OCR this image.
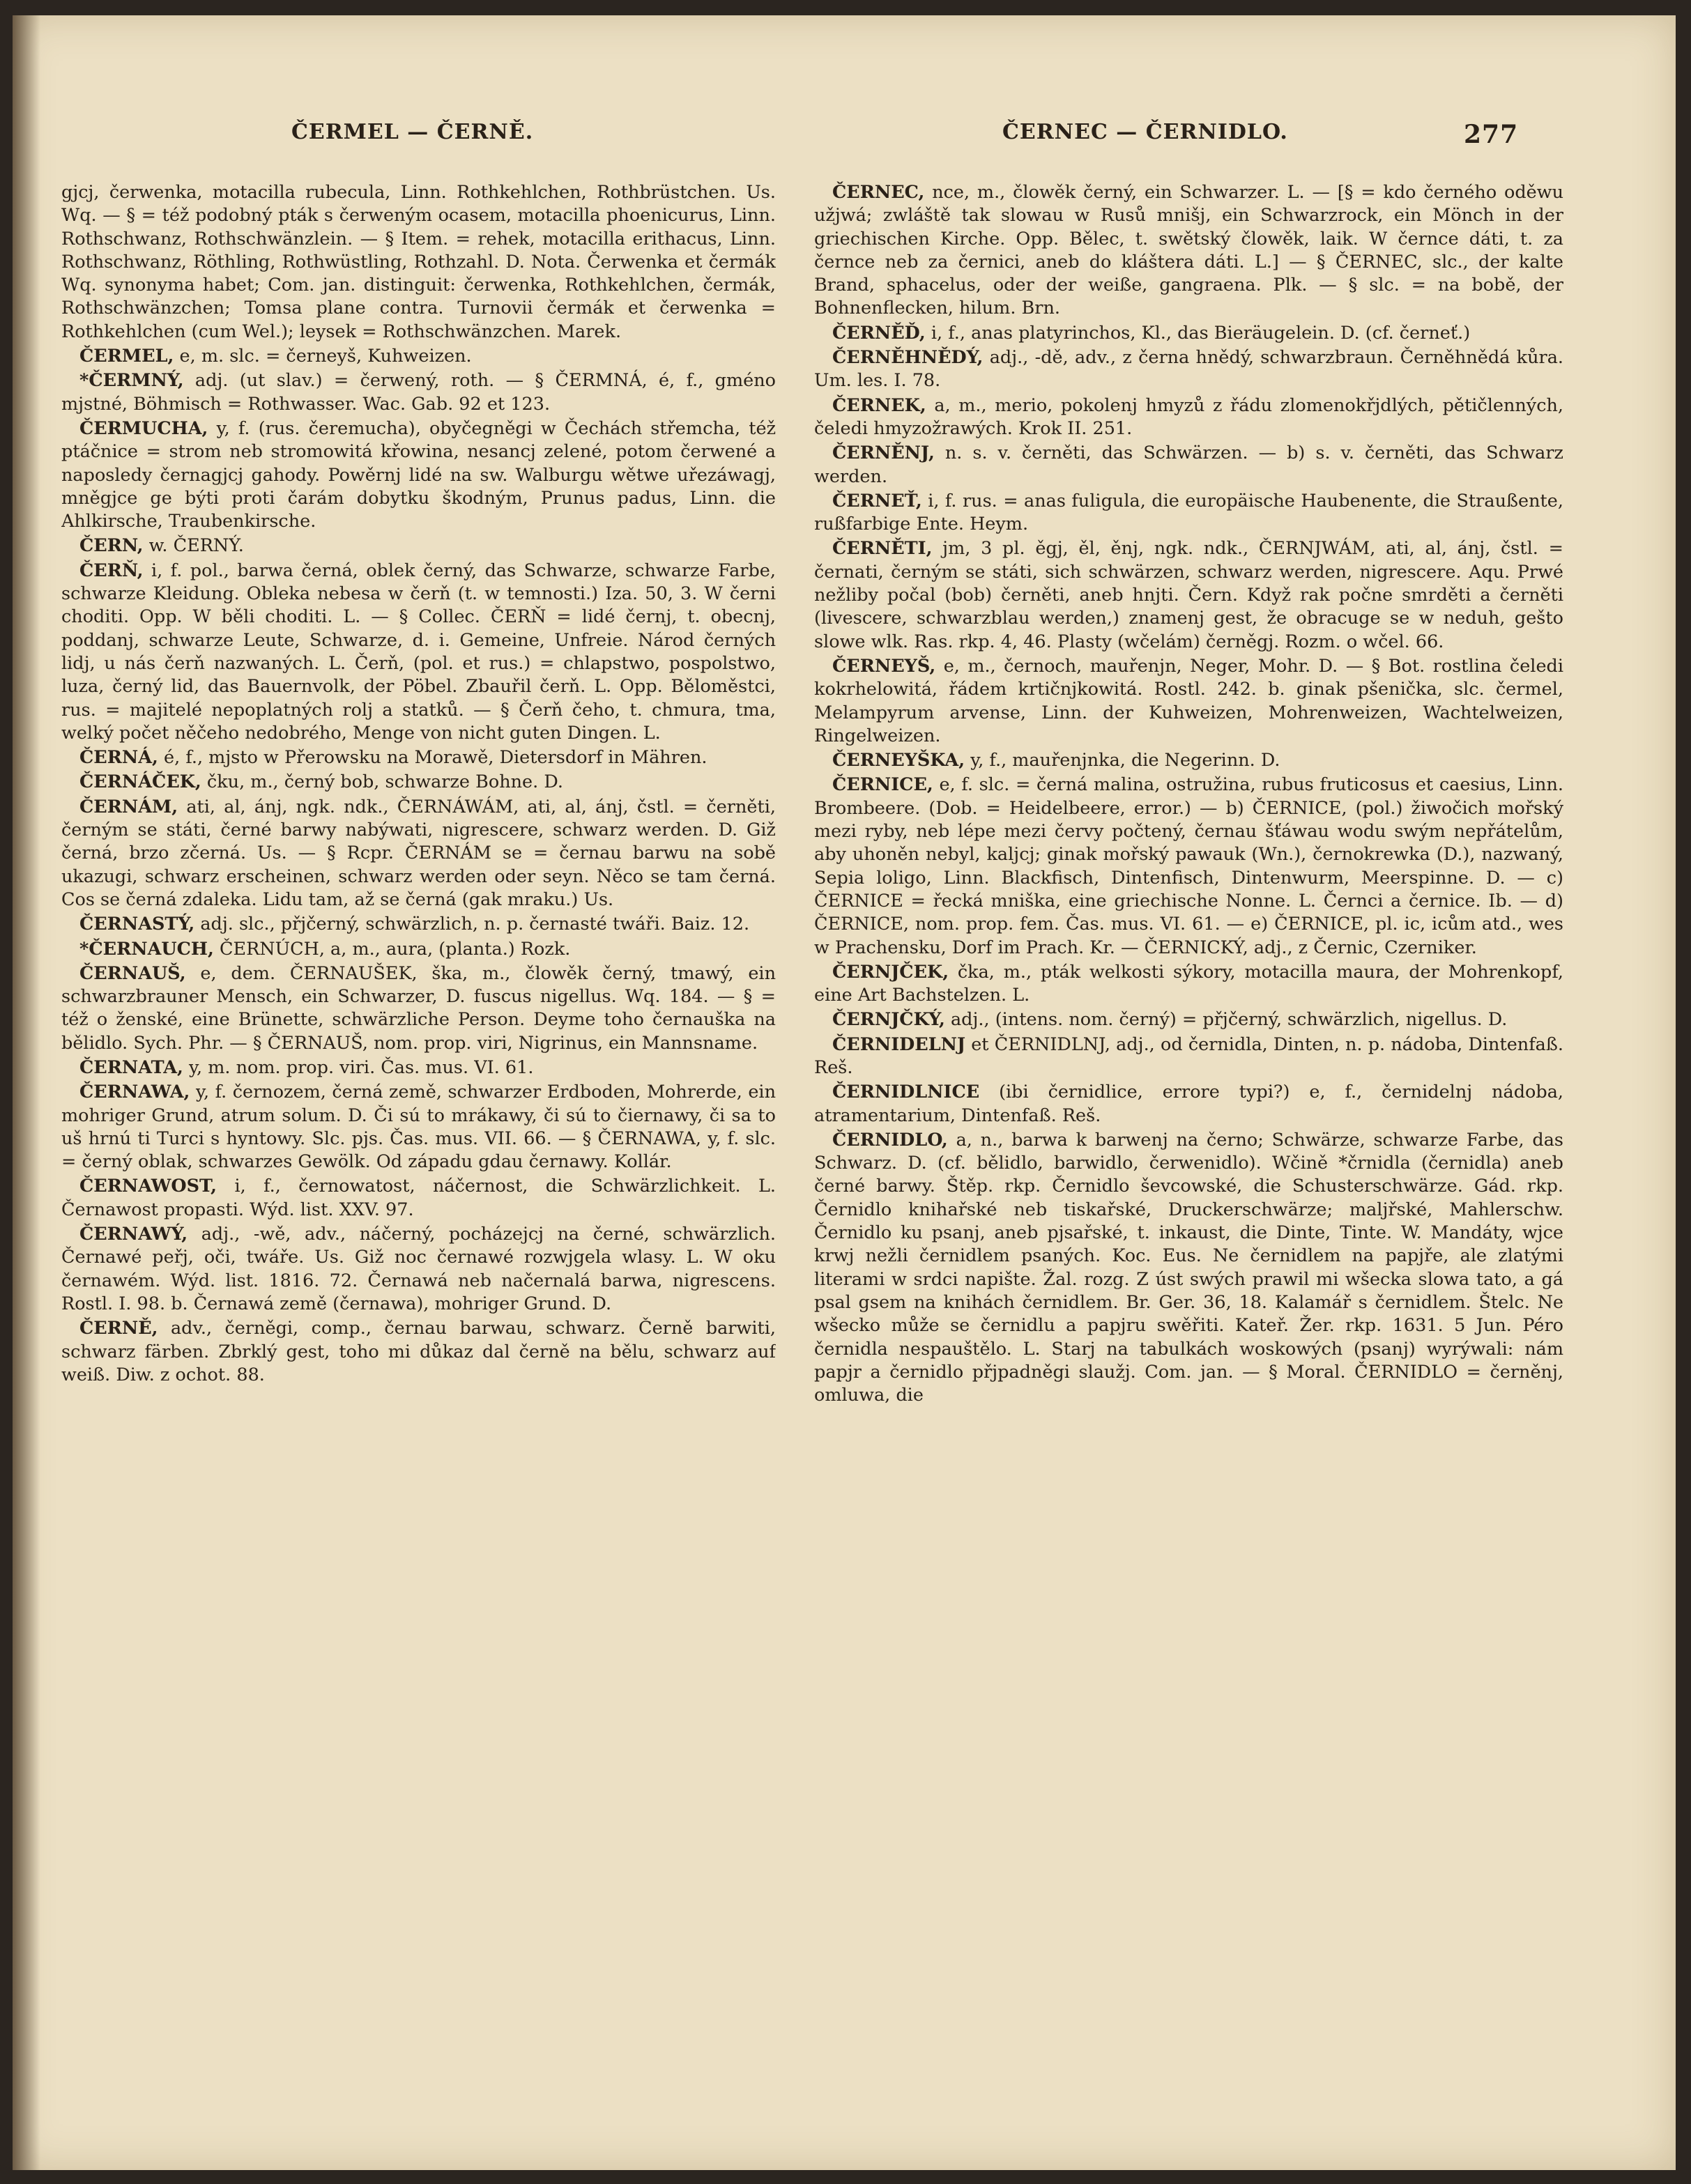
ČERMEL — ČERNĚ.	ČERNEC — ČERNIDLO.	277

gjcj, čerwenka, motacilla rubecula, Linn. Rothkehlchen, Rothbrüstchen. Us. Wq. — § = též podobný pták s čerweným ocasem, motacilla phoenicurus, Linn. Rothschwanz, Rothschwänzlein. — § Item. = rehek, motacilla erithacus, Linn. Rothschwanz, Röthling, Rothwüstling, Rothzahl. D. Nota. Čerwenka et čermák Wq. synonyma habet; Com. jan. distinguit: čerwenka, Rothkehlchen, čermák, Rothschwänzchen; Tomsa plane contra. Turnovii čermák et čerwenka = Rothkehlchen (cum Wel.); leysek = Rothschwänzchen. Marek.

ČERMEL, e, m. slc. = černeyš, Kuhweizen.

*ČERMNÝ, adj. (ut slav.) = čerwený, roth. — § ČERMNÁ, é, f., gméno mjstné, Böhmisch = Rothwasser. Wac. Gab. 92 et 123.

ČERMUCHA, y, f. (rus. čeremucha), obyčegněgi w Čechách střemcha, též ptáčnice = strom neb stromowitá křowina, nesancj zelené, potom čerwené a naposledy černagjcj gahody. Powěrnj lidé na sw. Walburgu wětwe uřezáwagj, mněgjce ge býti proti čarám dobytku škodným, Prunus padus, Linn. die Ahlkirsche, Traubenkirsche.

ČERN, w. ČERNÝ.

ČERŇ, i, f. pol., barwa černá, oblek černý, das Schwarze, schwarze Farbe, schwarze Kleidung. Obleka nebesa w čerň (t. w temnosti.) Iza. 50, 3. W černi choditi. Opp. W běli choditi. L. — § Collec. ČERŇ = lidé černj, t. obecnj, poddanj, schwarze Leute, Schwarze, d. i. Gemeine, Unfreie. Národ černých lidj, u nás čerň nazwaných. L. Čerň, (pol. et rus.) = chlapstwo, pospolstwo, luza, černý lid, das Bauernvolk, der Pöbel. Zbauřil čerň. L. Opp. Běloměstci, rus. = majitelé nepoplatných rolj a statků. — § Čerň čeho, t. chmura, tma, welký počet něčeho nedobrého, Menge von nicht guten Dingen. L.

ČERNÁ, é, f., mjsto w Přerowsku na Morawě, Dietersdorf in Mähren.

ČERNÁČEK, čku, m., černý bob, schwarze Bohne. D.

ČERNÁM, ati, al, ánj, ngk. ndk., ČERNÁWÁM, ati, al, ánj, čstl. = černěti, černým se státi, černé barwy nabýwati, nigrescere, schwarz werden. D. Giž černá, brzo zčerná. Us. — § Rcpr. ČERNÁM se = černau barwu na sobě ukazugi, schwarz erscheinen, schwarz werden oder seyn. Něco se tam černá. Cos se černá zdaleka. Lidu tam, až se černá (gak mraku.) Us.

ČERNASTÝ, adj. slc., přjčerný, schwärzlich, n. p. černasté twáři. Baiz. 12.

*ČERNAUCH, ČERNÚCH, a, m., aura, (planta.) Rozk.

ČERNAUŠ, e, dem. ČERNAUŠEK, ška, m., člowěk černý, tmawý, ein schwarzbrauner Mensch, ein Schwarzer, D. fuscus nigellus. Wq. 184. — § = též o ženské, eine Brünette, schwärzliche Person. Deyme toho černauška na bělidlo. Sych. Phr. — § ČERNAUŠ, nom. prop. viri, Nigrinus, ein Mannsname.

ČERNATA, y, m. nom. prop. viri. Čas. mus. VI. 61.

ČERNAWA, y, f. černozem, černá země, schwarzer Erdboden, Mohrerde, ein mohriger Grund, atrum solum. D. Či sú to mrákawy, či sú to čiernawy, či sa to uš hrnú ti Turci s hyntowy. Slc. pjs. Čas. mus. VII. 66. — § ČERNAWA, y, f. slc. = černý oblak, schwarzes Gewölk. Od západu gdau černawy. Kollár.

ČERNAWOST, i, f., černowatost, náčernost, die Schwärzlichkeit. L. Černawost propasti. Wýd. list. XXV. 97.

ČERNAWÝ, adj., -wě, adv., náčerný, pocházejcj na černé, schwärzlich. Černawé peřj, oči, twáře. Us. Giž noc černawé rozwjgela wlasy. L. W oku černawém. Wýd. list. 1816. 72. Černawá neb načernalá barwa, nigrescens. Rostl. I. 98. b. Černawá země (černawa), mohriger Grund. D.

ČERNĚ, adv., černěgi, comp., černau barwau, schwarz. Černě barwiti, schwarz färben. Zbrklý gest, toho mi důkaz dal černě na bělu, schwarz auf weiß. Diw. z ochot. 88.

ČERNEC, nce, m., člowěk černý, ein Schwarzer. L. — [§ = kdo černého oděwu užjwá; zwláště tak slowau w Rusů mnišj, ein Schwarzrock, ein Mönch in der griechischen Kirche. Opp. Bělec, t. swětský člowěk, laik. W černce dáti, t. za černce neb za černici, aneb do kláštera dáti. L.] — § ČERNEC, slc., der kalte Brand, sphacelus, oder der weiße, gangraena. Plk. — § slc. = na bobě, der Bohnenflecken, hilum. Brn.

ČERNĚĎ, i, f., anas platyrinchos, Kl., das Bieräugelein. D. (cf. černeť.)

ČERNĚHNĚDÝ, adj., -dě, adv., z černa hnědý, schwarzbraun. Černěhnědá kůra. Um. les. I. 78.

ČERNEK, a, m., merio, pokolenj hmyzů z řádu zlomenokřjdlých, pětičlenných, čeledi hmyzožrawých. Krok II. 251.

ČERNĚNJ, n. s. v. černěti, das Schwärzen. — b) s. v. černěti, das Schwarz werden.

ČERNEŤ, i, f. rus. = anas fuligula, die europäische Haubenente, die Straußente, rußfarbige Ente. Heym.

ČERNĚTI, jm, 3 pl. ěgj, ěl, ěnj, ngk. ndk., ČERNJWÁM, ati, al, ánj, čstl. = černati, černým se státi, sich schwärzen, schwarz werden, nigrescere. Aqu. Prwé nežliby počal (bob) černěti, aneb hnjti. Čern. Když rak počne smrděti a černěti (livescere, schwarzblau werden,) znamenj gest, že obracugе se w neduh, gešto slowe wlk. Ras. rkp. 4, 46. Plasty (wčelám) černěgj. Rozm. o wčel. 66.

ČERNEYŠ, e, m., černoch, mauřenjn, Neger, Mohr. D. — § Bot. rostlina čeledi kokrhelowitá, řádem krtičnjkowitá. Rostl. 242. b. ginak pšenička, slc. čermel, Melampyrum arvense, Linn. der Kuhweizen, Mohrenweizen, Wachtelweizen, Ringelweizen.

ČERNEYŠKA, y, f., mauřenjnka, die Negerinn. D.

ČERNICE, e, f. slc. = černá malina, ostružina, rubus fruticosus et caesius, Linn. Brombeere. (Dob. = Heidelbeere, error.) — b) ČERNICE, (pol.) žiwočich mořský mezi ryby, neb lépe mezi červy počtený, černau šťáwau wodu swým nepřátelům, aby uhoněn nebyl, kaljcj; ginak mořský pawauk (Wn.), černokrewka (D.), nazwaný, Sepia loligo, Linn. Blackfisch, Dintenfisch, Dintenwurm, Meerspinne. D. — c) ČERNICE = řecká mniška, eine griechische Nonne. L. Černci a černice. Ib. — d) ČERNICE, nom. prop. fem. Čas. mus. VI. 61. — e) ČERNICE, pl. ic, icům atd., wes w Prachensku, Dorf im Prach. Kr. — ČERNICKÝ, adj., z Černic, Czerniker.

ČERNJČEK, čka, m., pták welkosti sýkory, motacilla maura, der Mohrenkopf, eine Art Bachstelzen. L.

ČERNJČKÝ, adj., (intens. nom. černý) = přjčerný, schwärzlich, nigellus. D.

ČERNIDELNJ et ČERNIDLNJ, adj., od černidla, Dinten, n. p. nádoba, Dintenfaß. Reš.

ČERNIDLNICE (ibi černidlice, errore typi?) e, f., černidelnj nádoba, atramentarium, Dintenfaß. Reš.

ČERNIDLO, a, n., barwa k barwenj na černo; Schwärze, schwarze Farbe, das Schwarz. D. (cf. bělidlo, barwidlo, čerwenidlo). Wčině *črnidla (černidla) aneb černé barwy. Štěp. rkp. Černidlo ševcowské, die Schusterschwärze. Gád. rkp. Černidlo knihařské neb tiskařské, Druckerschwärze; maljřské, Mahlerschw. Černidlo ku psanj, aneb pjsařské, t. inkaust, die Dinte, Tinte. W. Mandáty, wjce krwj nežli černidlem psaných. Koc. Eus. Ne černidlem na papjře, ale zlatými literami w srdci napište. Žal. rozg. Z úst swých prawil mi wšecka slowa tato, a gá psal gsem na knihách černidlem. Br. Ger. 36, 18. Kalamář s černidlem. Štelc. Ne wšecko může se černidlu a papjru swěřiti. Kateř. Žer. rkp. 1631. 5 Jun. Péro černidla nespauštělo. L. Starj na tabulkách woskowých (psanj) wyrýwali: nám papjr a černidlo přjpadněgi slaužj. Com. jan. — § Moral. ČERNIDLO = černěnj, omluwa, die
